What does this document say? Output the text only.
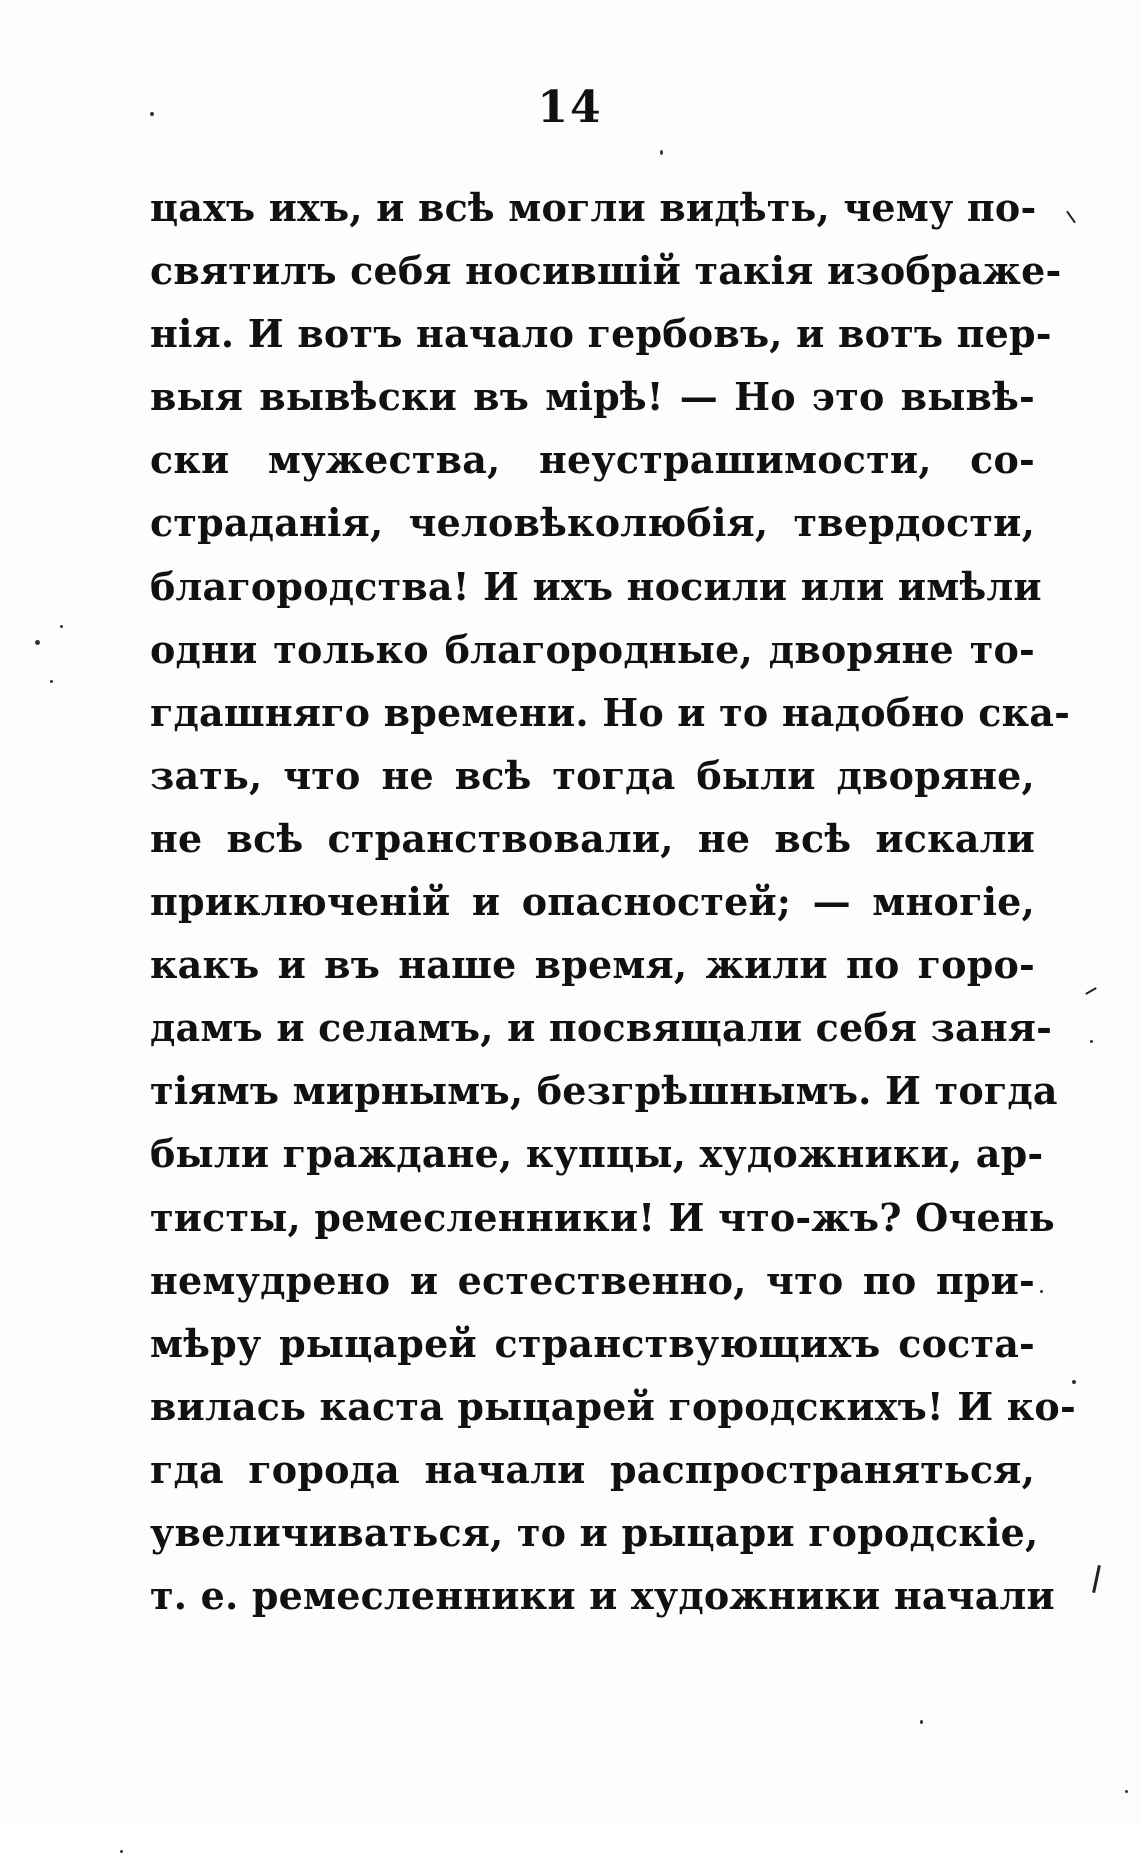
14
цахъ ихъ, и всѣ могли видѣть, чему по-
святилъ себя носившій такія изображе-
нія. И вотъ начало гербовъ, и вотъ пер-
выя вывѣски въ мірѣ! — Но это вывѣ-
ски мужества, неустрашимости, со-
страданія, человѣколюбія, твердости,
благородства! И ихъ носили или имѣли
одни только благородные, дворяне то-
гдашняго времени. Но и то надобно ска-
зать, что не всѣ тогда были дворяне,
не всѣ странствовали, не всѣ искали
приключеній и опасностей; — многіе,
какъ и въ наше время, жили по горо-
дамъ и селамъ, и посвящали себя заня-
тіямъ мирнымъ, безгрѣшнымъ. И тогда
были граждане, купцы, художники, ар-
тисты, ремесленники! И что-жъ? Очень
немудрено и естественно, что по при-
мѣру рыцарей странствующихъ соста-
вилась каста рыцарей городскихъ! И ко-
гда города начали распространяться,
увеличиваться, то и рыцари городскіе,
т. е. ремесленники и художники начали
